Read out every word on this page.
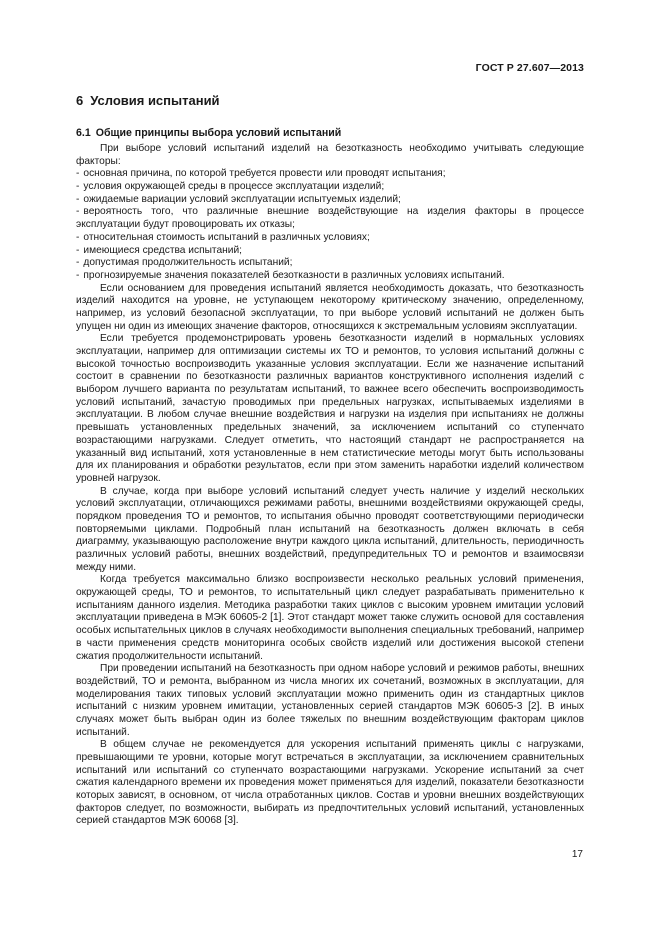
ГОСТ Р 27.607—2013
6 Условия испытаний
6.1 Общие принципы выбора условий испытаний

При выборе условий испытаний изделий на безотказность необходимо учитывать следующие факторы:

- основная причина, по которой требуется провести или проводят испытания;
- условия окружающей среды в процессе эксплуатации изделий;
- ожидаемые вариации условий эксплуатации испытуемых изделий;
- вероятность того, что различные внешние воздействующие на изделия факторы в процессе эксплуатации будут провоцировать их отказы;
- относительная стоимость испытаний в различных условиях;
- имеющиеся средства испытаний;
- допустимая продолжительность испытаний;
- прогнозируемые значения показателей безотказности в различных условиях испытаний.

Если основанием для проведения испытаний является необходимость доказать, что безотказность изделий находится на уровне, не уступающем некоторому критическому значению, определенному, например, из условий безопасной эксплуатации, то при выборе условий испытаний не должен быть упущен ни один из имеющих значение факторов, относящихся к экстремальным условиям эксплуатации.

Если требуется продемонстрировать уровень безотказности изделий в нормальных условиях эксплуатации, например для оптимизации системы их ТО и ремонтов, то условия испытаний должны с высокой точностью воспроизводить указанные условия эксплуатации. Если же назначение испытаний состоит в сравнении по безотказности различных вариантов конструктивного исполнения изделий с выбором лучшего варианта по результатам испытаний, то важнее всего обеспечить воспроизводимость условий испытаний, зачастую проводимых при предельных нагрузках, испытываемых изделиями в эксплуатации. В любом случае внешние воздействия и нагрузки на изделия при испытаниях не должны превышать установленных предельных значений, за исключением испытаний со ступенчато возрастающими нагрузками. Следует отметить, что настоящий стандарт не распространяется на указанный вид испытаний, хотя установленные в нем статистические методы могут быть использованы для их планирования и обработки результатов, если при этом заменить наработки изделий количеством уровней нагрузок.

В случае, когда при выборе условий испытаний следует учесть наличие у изделий нескольких условий эксплуатации, отличающихся режимами работы, внешними воздействиями окружающей среды, порядком проведения ТО и ремонтов, то испытания обычно проводят соответствующими периодически повторяемыми циклами. Подробный план испытаний на безотказность должен включать в себя диаграмму, указывающую расположение внутри каждого цикла испытаний, длительность, периодичность различных условий работы, внешних воздействий, предупредительных ТО и ремонтов и взаимосвязи между ними.

Когда требуется максимально близко воспроизвести несколько реальных условий применения, окружающей среды, ТО и ремонтов, то испытательный цикл следует разрабатывать применительно к испытаниям данного изделия. Методика разработки таких циклов с высоким уровнем имитации условий эксплуатации приведена в МЭК 60605-2 [1]. Этот стандарт может также служить основой для составления особых испытательных циклов в случаях необходимости выполнения специальных требований, например в части применения средств мониторинга особых свойств изделий или достижения высокой степени сжатия продолжительности испытаний.

При проведении испытаний на безотказность при одном наборе условий и режимов работы, внешних воздействий, ТО и ремонта, выбранном из числа многих их сочетаний, возможных в эксплуатации, для моделирования таких типовых условий эксплуатации можно применить один из стандартных циклов испытаний с низким уровнем имитации, установленных серией стандартов МЭК 60605-3 [2]. В иных случаях может быть выбран один из более тяжелых по внешним воздействующим факторам циклов испытаний.

В общем случае не рекомендуется для ускорения испытаний применять циклы с нагрузками, превышающими те уровни, которые могут встречаться в эксплуатации, за исключением сравнительных испытаний или испытаний со ступенчато возрастающими нагрузками. Ускорение испытаний за счет сжатия календарного времени их проведения может применяться для изделий, показатели безотказности которых зависят, в основном, от числа отработанных циклов. Состав и уровни внешних воздействующих факторов следует, по возможности, выбирать из предпочтительных условий испытаний, установленных серией стандартов МЭК 60068 [3].

17
